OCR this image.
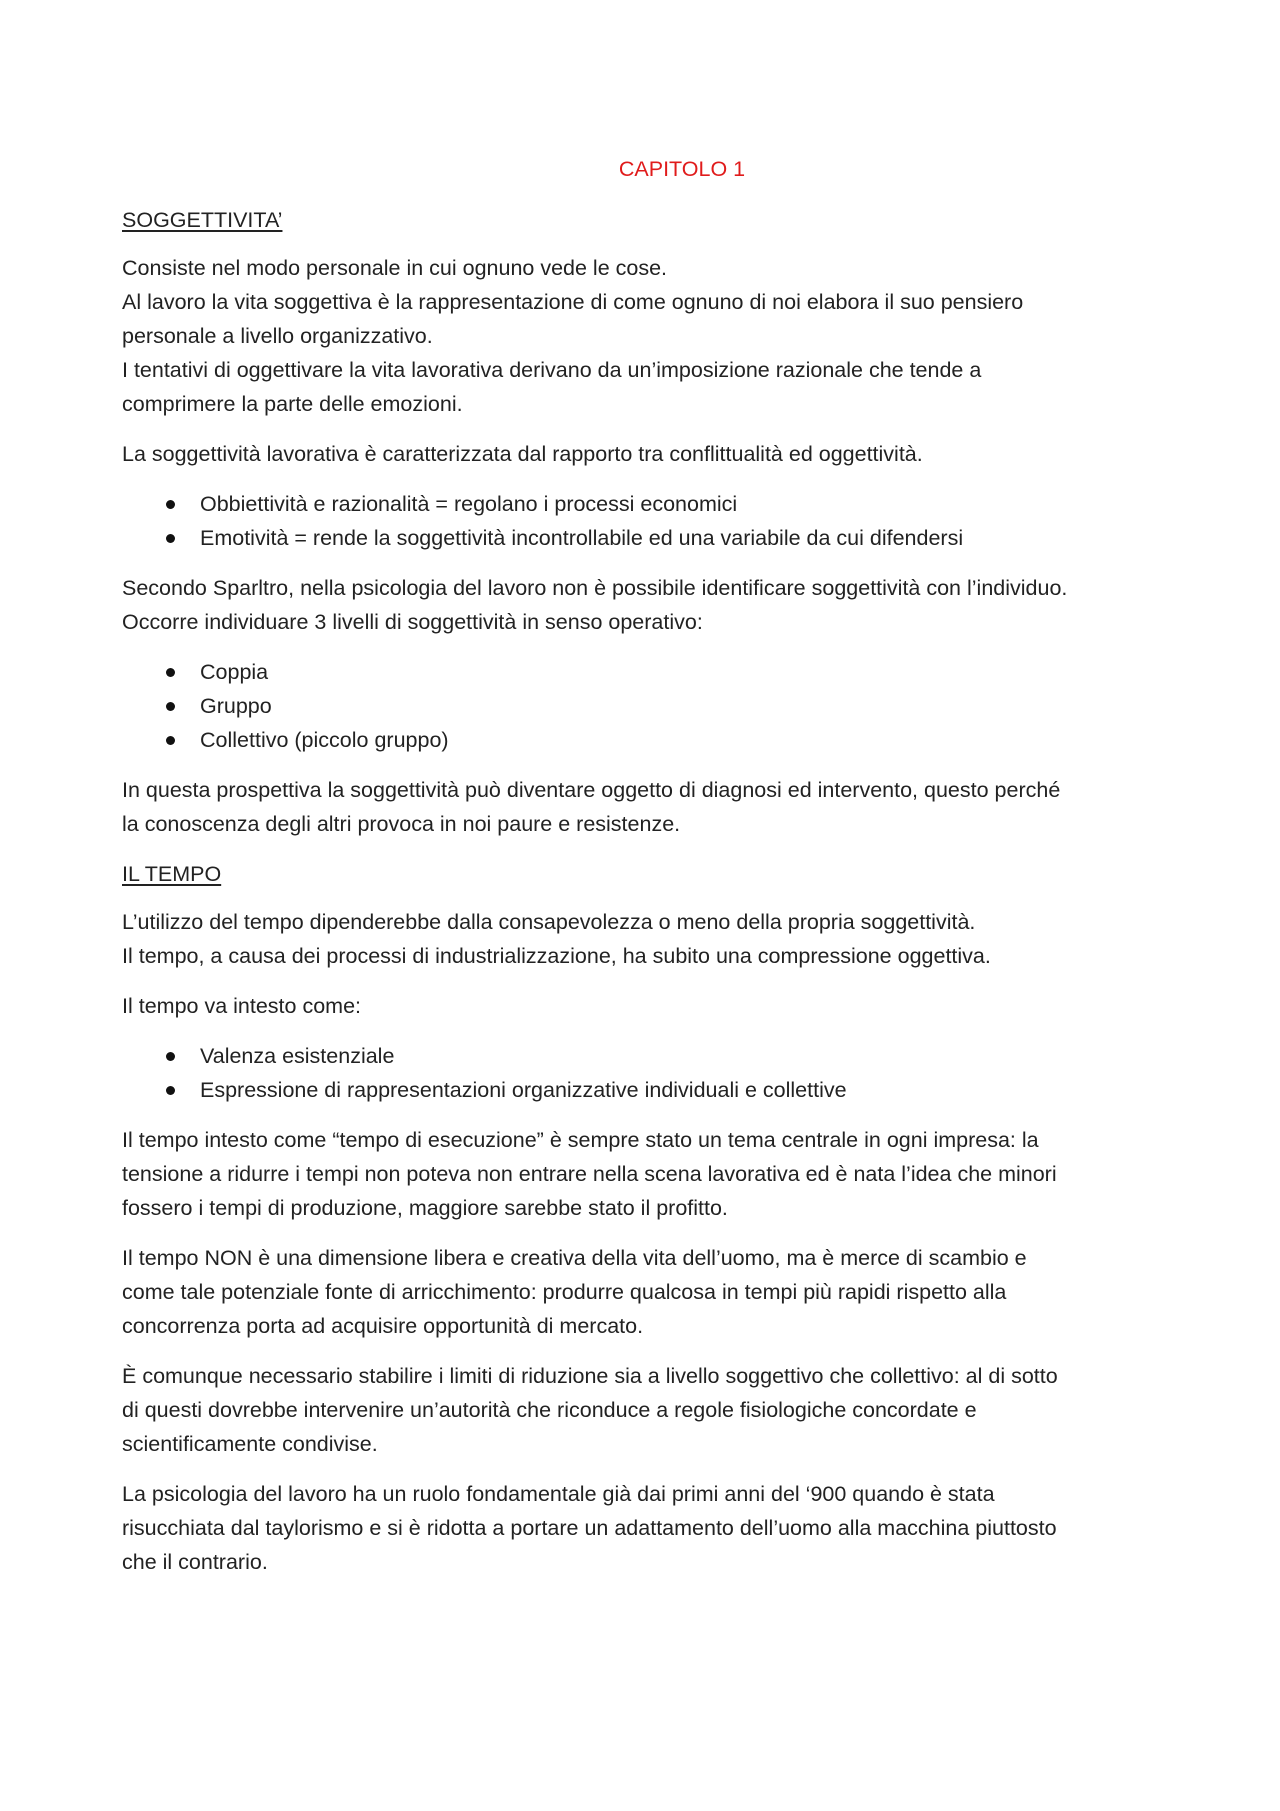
CAPITOLO 1
SOGGETTIVITA’
Consiste nel modo personale in cui ognuno vede le cose.
Al lavoro la vita soggettiva è la rappresentazione di come ognuno di noi elabora il suo pensiero
personale a livello organizzativo.
I tentativi di oggettivare la vita lavorativa derivano da un’imposizione razionale che tende a
comprimere la parte delle emozioni.
La soggettività lavorativa è caratterizzata dal rapporto tra conflittualità ed oggettività.
Obbiettività e razionalità = regolano i processi economici
Emotività = rende la soggettività incontrollabile ed una variabile da cui difendersi
Secondo Sparltro, nella psicologia del lavoro non è possibile identificare soggettività con l’individuo.
Occorre individuare 3 livelli di soggettività in senso operativo:
Coppia
Gruppo
Collettivo (piccolo gruppo)
In questa prospettiva la soggettività può diventare oggetto di diagnosi ed intervento, questo perché
la conoscenza degli altri provoca in noi paure e resistenze.
IL TEMPO
L’utilizzo del tempo dipenderebbe dalla consapevolezza o meno della propria soggettività.
Il tempo, a causa dei processi di industrializzazione, ha subito una compressione oggettiva.
Il tempo va intesto come:
Valenza esistenziale
Espressione di rappresentazioni organizzative individuali e collettive
Il tempo intesto come “tempo di esecuzione” è sempre stato un tema centrale in ogni impresa: la
tensione a ridurre i tempi non poteva non entrare nella scena lavorativa ed è nata l’idea che minori
fossero i tempi di produzione, maggiore sarebbe stato il profitto.
Il tempo NON è una dimensione libera e creativa della vita dell’uomo, ma è merce di scambio e
come tale potenziale fonte di arricchimento: produrre qualcosa in tempi più rapidi rispetto alla
concorrenza porta ad acquisire opportunità di mercato.
È comunque necessario stabilire i limiti di riduzione sia a livello soggettivo che collettivo: al di sotto
di questi dovrebbe intervenire un’autorità che riconduce a regole fisiologiche concordate e
scientificamente condivise.
La psicologia del lavoro ha un ruolo fondamentale già dai primi anni del ‘900 quando è stata
risucchiata dal taylorismo e si è ridotta a portare un adattamento dell’uomo alla macchina piuttosto
che il contrario.
